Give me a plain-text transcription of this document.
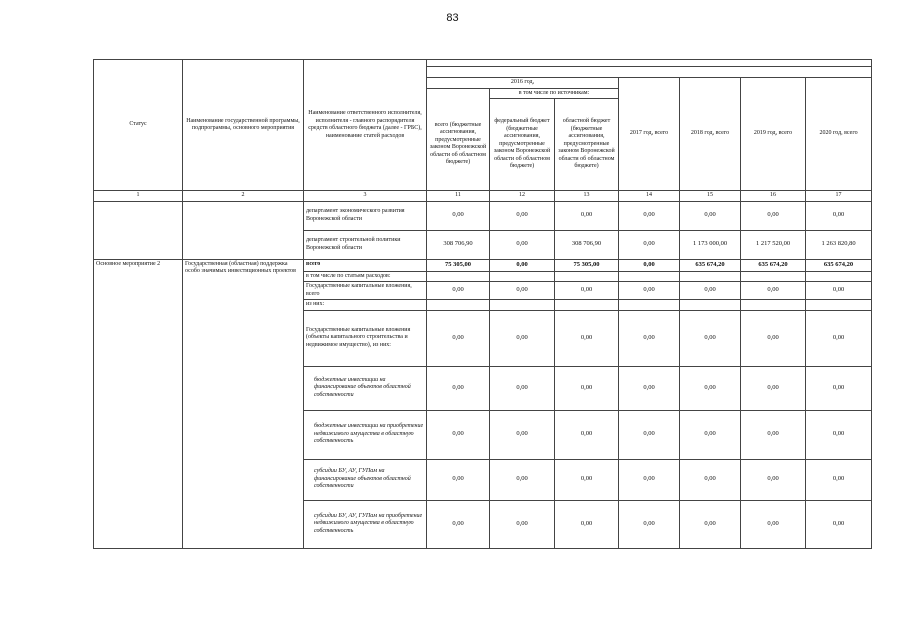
83
Статус	Наименование государственной программы, подпрограммы, основного мероприятия	Наименование ответственного исполнителя, исполнителя - главного распорядителя средств областного бюджета (далее - ГРБС), наименование статей расходов							

			2016 год,			2017 год, всего	2018 год, всего	2019 год, всего	2020 год, всего
				в том числе по источникам:					
			всего (бюджетные ассигнования, предусмотренные законом Воронежской области об областном бюджете)	федеральный бюджет (бюджетные ассигнования, предусмотренные законом Воронежской области об областном бюджете)	областной бюджет (бюджетные ассигнования, предусмотренные законом Воронежской области об областном бюджете)				
1	2	3	11	12	13	14	15	16	17
		департамент экономического развития Воронежской области	0,00	0,00	0,00	0,00	0,00	0,00	0,00
		департамент строительной политики Воронежской области	308 706,90	0,00	308 706,90	0,00	1 173 000,00	1 217 520,00	1 263 820,80
Основное мероприятие 2	Государственная (областная) поддержка особо значимых инвестиционных проектов	всего	75 305,00	0,00	75 305,00	0,00	635 674,20	635 674,20	635 674,20
		в том числе по статьям расходов:							
		Государственные капитальные вложения, всего	0,00	0,00	0,00	0,00	0,00	0,00	0,00
		из них:							
		Государственные капитальные вложения (объекты капитального строительства и недвижимое имущество), из них:	0,00	0,00	0,00	0,00	0,00	0,00	0,00
		бюджетные инвестиции на финансирование объектов областной собственности	0,00	0,00	0,00	0,00	0,00	0,00	0,00
		бюджетные инвестиции на приобретение недвижимого имущества в областную собственность	0,00	0,00	0,00	0,00	0,00	0,00	0,00
		субсидии БУ, АУ, ГУПам на финансирование объектов областной собственности	0,00	0,00	0,00	0,00	0,00	0,00	0,00
		субсидии БУ, АУ, ГУПам на приобретение недвижимого имущества в областную собственность	0,00	0,00	0,00	0,00	0,00	0,00	0,00
